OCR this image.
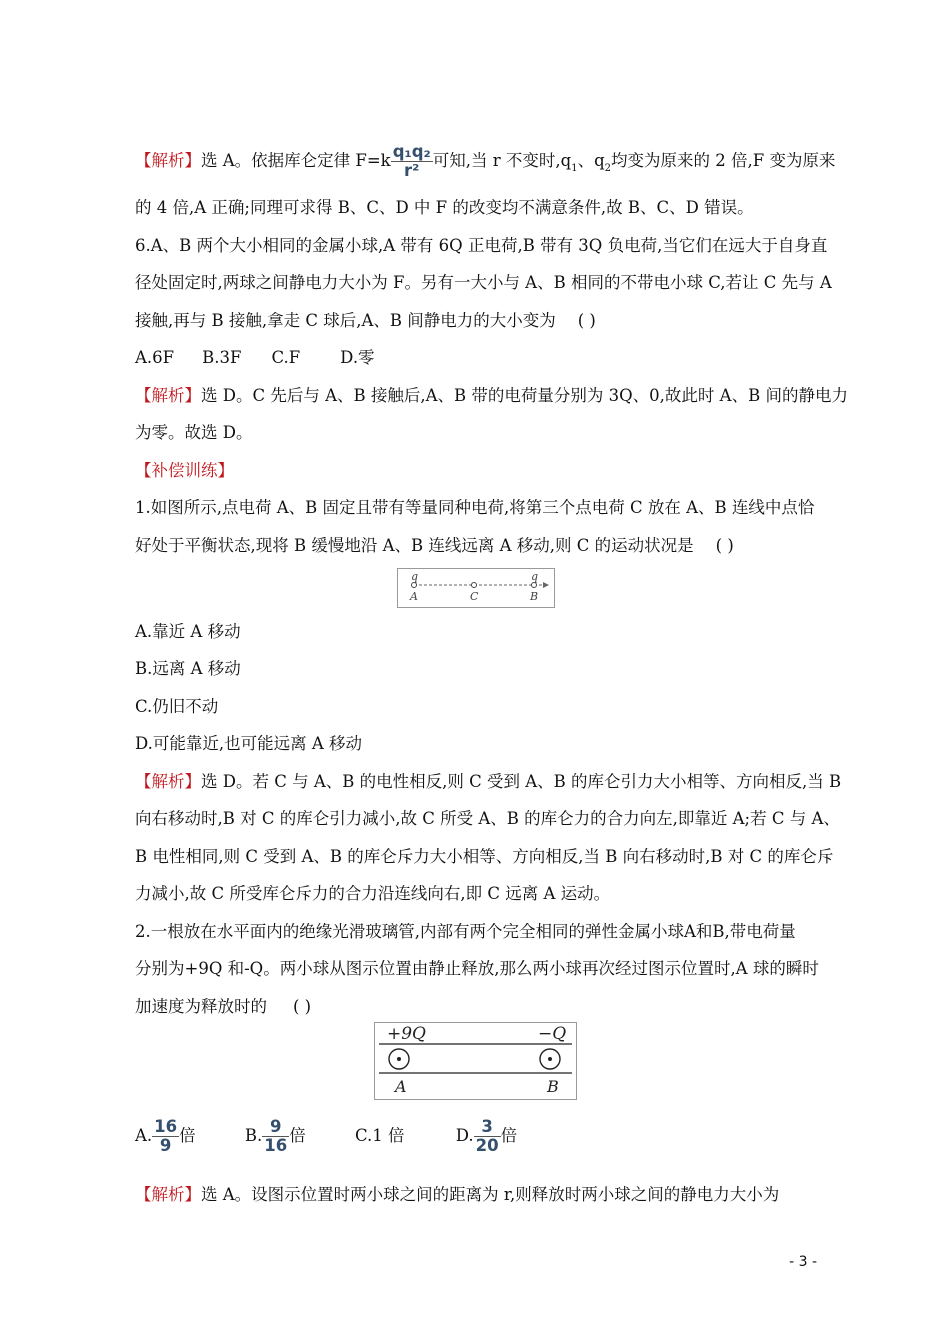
【解析】选 A。依据库仑定律 $F=k \frac{\text{q₁q₂}}{\text{r²}}$ 可知,当 r 不变时$,q_1$、$q_2$均变为原来的 2 倍,F 变为原来
的 4 倍,A 正确;同理可求得 B、C、D 中 F 的改变均不满意条件,故 B、C、D 错误。
6.A、B 两个大小相同的金属小球,A 带有 6Q 正电荷,B 带有 3Q 负电荷,当它们在远大于自身直
径处固定时,两球之间静电力大小为 F。另有一大小与 A、B 相同的不带电小球 C,若让 C 先与 A
接触,再与 B 接触,拿走 C 球后,A、B 间静电力的大小变为 ( )
A.6F B.3F C.F D.零
【解析】选 D。C 先后与 A、B 接触后,A、B 带的电荷量分别为 3Q、0,故此时 A、B 间的静电力
为零。故选 D。
【补偿训练】
1.如图所示,点电荷 A、B 固定且带有等量同种电荷,将第三个点电荷 C 放在 A、B 连线中点恰
好处于平衡状态,现将 B 缓慢地沿 A、B 连线远离 A 移动,则 C 的运动状况是 ( )
q	q
A	C	B
A.靠近 A 移动
B.远离 A 移动
C.仍旧不动
D.可能靠近,也可能远离 A 移动
【解析】选 D。若 C 与 A、B 的电性相反,则 C 受到 A、B 的库仑引力大小相等、方向相反,当 B
向右移动时,B 对 C 的库仑引力减小,故 C 所受 A、B 的库仑力的合力向左,即靠近 A;若 C 与 A、
B 电性相同,则 C 受到 A、B 的库仑斥力大小相等、方向相反,当 B 向右移动时,B 对 C 的库仑斥
力减小,故 C 所受库仑斥力的合力沿连线向右,即 C 远离 A 运动。
2.一根放在水平面内的绝缘光滑玻璃管,内部有两个完全相同的弹性金属小球A和B,带电荷量
分别为+9Q 和-Q。两小球从图示位置由静止释放,那么两小球再次经过图示位置时,A 球的瞬时
加速度为释放时的 ( )
+9Q	−Q
A	B
A. $\frac{16}{9}$ 倍	B. $\frac{9}{16}$ 倍	C.1 倍	D. $\frac{3}{20}$ 倍
【解析】选 A。设图示位置时两小球之间的距离为 r,则释放时两小球之间的静电力大小为
- 3 -
